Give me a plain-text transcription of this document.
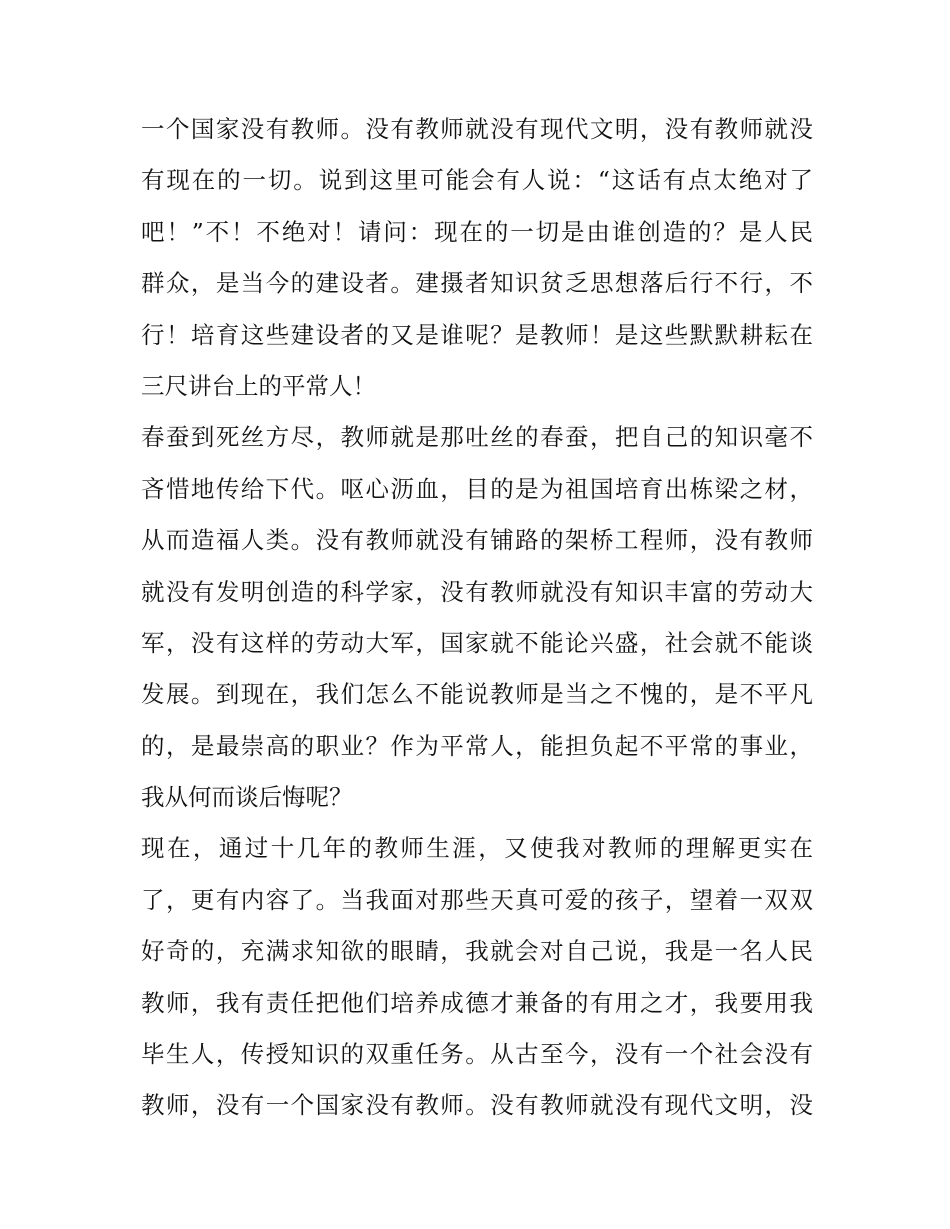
一个国家没有教师。没有教师就没有现代文明，没有教师就没
有现在的一切。说到这里可能会有人说：“这话有点太绝对了
吧！”不！不绝对！请问：现在的一切是由谁创造的？是人民
群众，是当今的建设者。建摄者知识贫乏思想落后行不行，不
行！培育这些建设者的又是谁呢？是教师！是这些默默耕耘在
三尺讲台上的平常人！
春蚕到死丝方尽，教师就是那吐丝的春蚕，把自己的知识毫不
吝惜地传给下代。呕心沥血，目的是为祖国培育出栋梁之材，
从而造福人类。没有教师就没有铺路的架桥工程师，没有教师
就没有发明创造的科学家，没有教师就没有知识丰富的劳动大
军，没有这样的劳动大军，国家就不能论兴盛，社会就不能谈
发展。到现在，我们怎么不能说教师是当之不愧的，是不平凡
的，是最崇高的职业？作为平常人，能担负起不平常的事业，
我从何而谈后悔呢？
现在，通过十几年的教师生涯，又使我对教师的理解更实在
了，更有内容了。当我面对那些天真可爱的孩子，望着一双双
好奇的，充满求知欲的眼睛，我就会对自己说，我是一名人民
教师，我有责任把他们培养成德才兼备的有用之才，我要用我
毕生人，传授知识的双重任务。从古至今，没有一个社会没有
教师，没有一个国家没有教师。没有教师就没有现代文明，没
